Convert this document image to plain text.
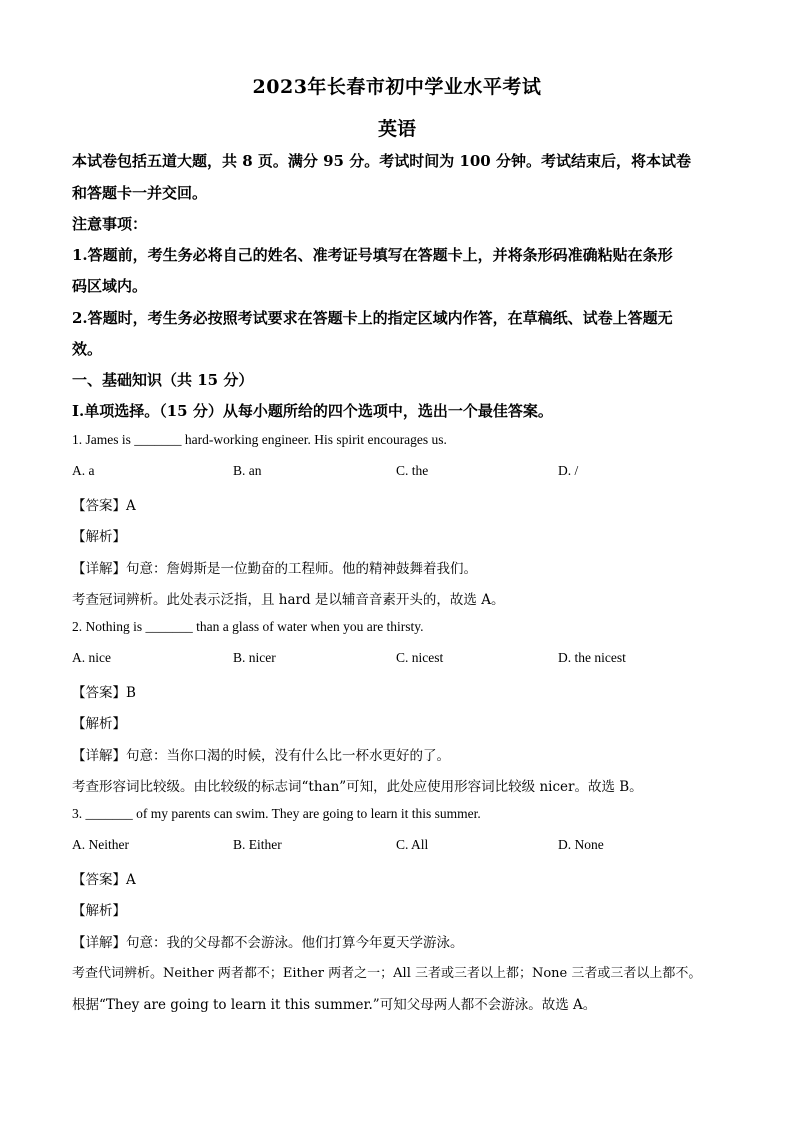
2023年长春市初中学业水平考试
英语
本试卷包括五道大题，共 8 页。满分 95 分。考试时间为 100 分钟。考试结束后，将本试卷
和答题卡一并交回。
注意事项：
1.答题前，考生务必将自己的姓名、准考证号填写在答题卡上，并将条形码准确粘贴在条形
码区域内。
2.答题时，考生务必按照考试要求在答题卡上的指定区域内作答，在草稿纸、试卷上答题无
效。
一、基础知识（共 15 分）
I.单项选择。（15 分）从每小题所给的四个选项中，选出一个最佳答案。
1. James is _______ hard-working engineer. His spirit encourages us.
A. a	B. an	C. the	D. /
【答案】A
【解析】
【详解】句意：詹姆斯是一位勤奋的工程师。他的精神鼓舞着我们。
考查冠词辨析。此处表示泛指，且 hard 是以辅音音素开头的，故选 A。
2. Nothing is _______ than a glass of water when you are thirsty.
A. nice	B. nicer	C. nicest	D. the nicest
【答案】B
【解析】
【详解】句意：当你口渴的时候，没有什么比一杯水更好的了。
考查形容词比较级。由比较级的标志词“than”可知，此处应使用形容词比较级 nicer。故选 B。
3. _______ of my parents can swim. They are going to learn it this summer.
A. Neither	B. Either	C. All	D. None
【答案】A
【解析】
【详解】句意：我的父母都不会游泳。他们打算今年夏天学游泳。
考查代词辨析。Neither 两者都不；Either 两者之一；All 三者或三者以上都；None 三者或三者以上都不。
根据“They are going to learn it this summer.”可知父母两人都不会游泳。故选 A。
